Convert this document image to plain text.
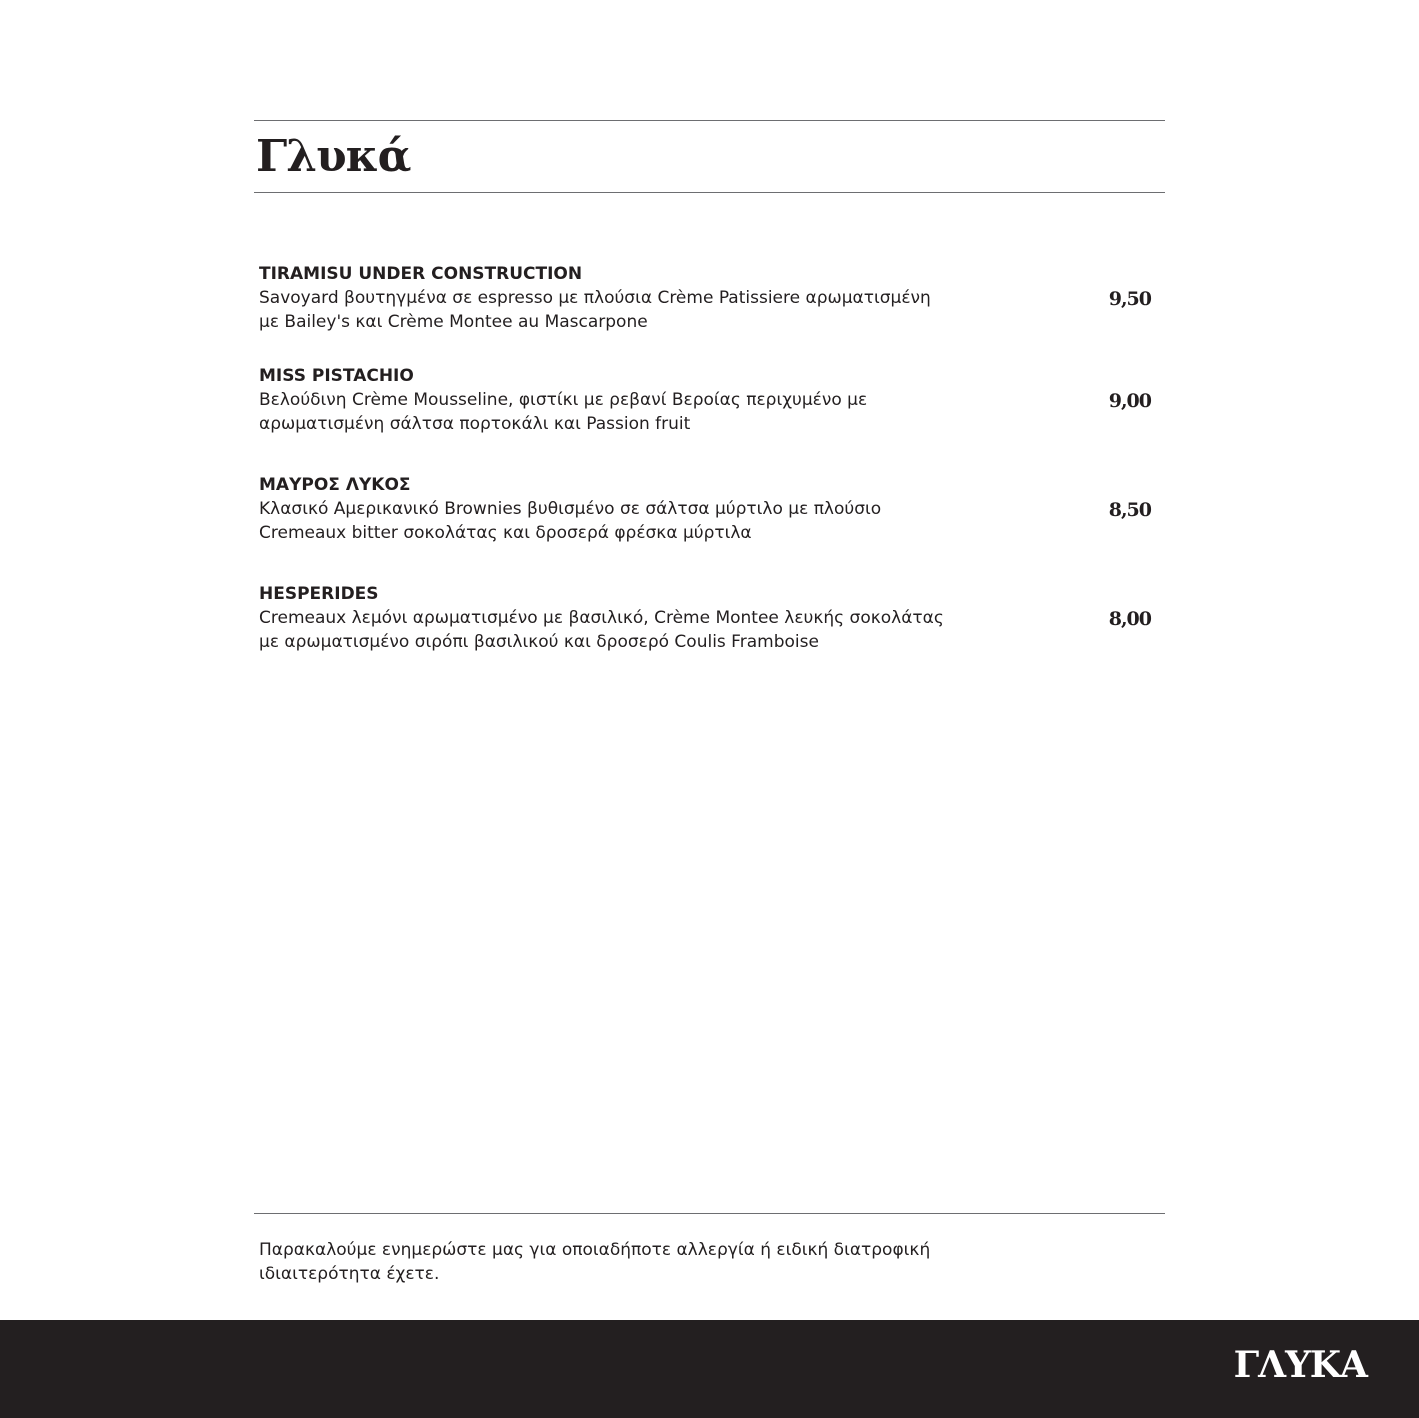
Γλυκά
TIRAMISU UNDER CONSTRUCTION
Savoyard βουτηγμένα σε espresso με πλούσια Crème Patissiere αρωματισμένη
με Bailey's και Crème Montee au Mascarpone
9,50
MISS PISTACHIO
Βελούδινη Crème Mousseline, φιστίκι με ρεβανί Βεροίας περιχυμένο με
αρωματισμένη σάλτσα πορτοκάλι και Passion fruit
9,00
ΜΑΥΡΟΣ ΛΥΚΟΣ
Κλασικό Αμερικανικό Brownies βυθισμένο σε σάλτσα μύρτιλο με πλούσιο
Cremeaux bitter σοκολάτας και δροσερά φρέσκα μύρτιλα
8,50
HESPERIDES
Cremeaux λεμόνι αρωματισμένο με βασιλικό, Crème Montee λευκής σοκολάτας
με αρωματισμένο σιρόπι βασιλικού και δροσερό Coulis Framboise
8,00
Παρακαλούμε ενημερώστε μας για οποιαδήποτε αλλεργία ή ειδική διατροφική
ιδιαιτερότητα έχετε.
ΓΛΥΚΑ
